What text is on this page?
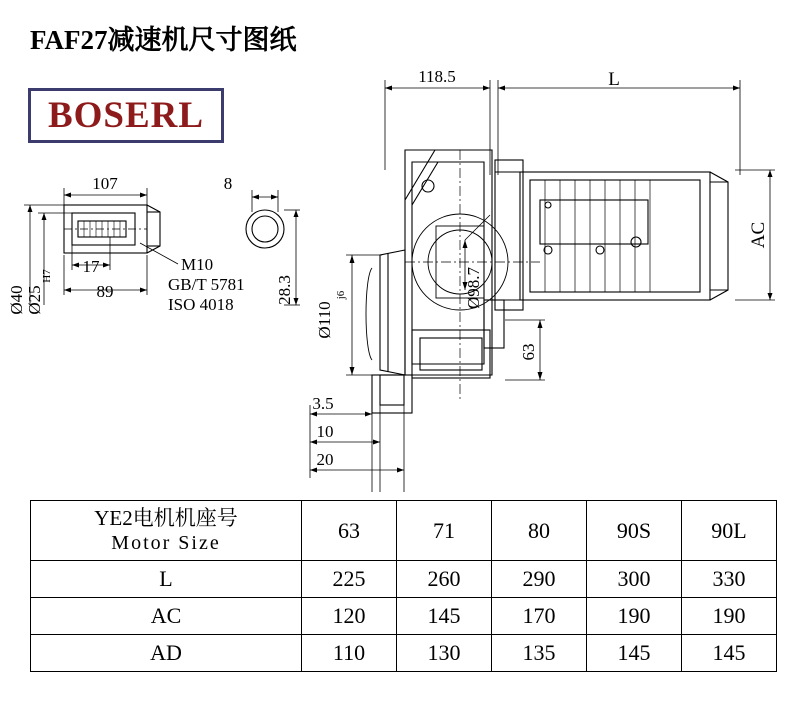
FAF27减速机尺寸图纸
BOSERL
107	8
17
89
Ø40 Ø25
H7
M10
GB/T 5781
ISO 4018 28.3
118.5	L
AC
Ø98.7
Ø110
j6
63
3.5
10
20
YE2电机机座号
Motor Size	63	71	80	90S	90L
L	225	260	290	300	330
AC	120	145	170	190	190
AD	110	130	135	145	145
